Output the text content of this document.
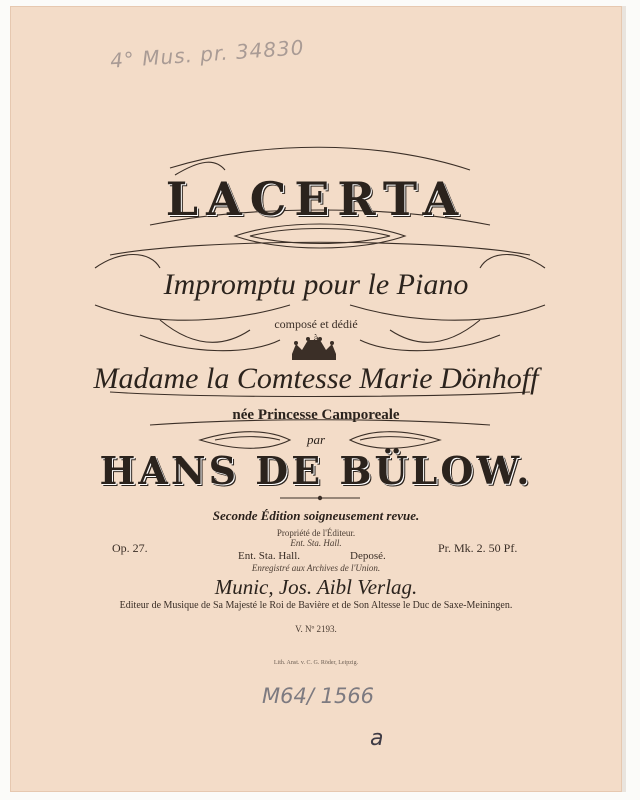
4° Mus. pr. 34830
LACERTA
Impromptu pour le Piano
composé et dédié
à
Madame la Comtesse Marie Dönhoff
née Princesse Camporeale
par
HANS DE BÜLOW.
Seconde Édition soigneusement revue.
Propriété de l'Éditeur.
Ent. Sta. Hall.
Op. 27.	Pr. Mk. 2. 50 Pf.
Ent. Sta. Hall.	Deposé.
Enregistré aux Archives de l'Union.
Munic, Jos. Aibl Verlag.
Editeur de Musique de Sa Majesté le Roi de Bavière et de Son Altesse le Duc de Saxe-Meiningen.
V. Nº 2193.
Lith. Anst. v. C. G. Röder, Leipzig.
M64/ 1566
a
